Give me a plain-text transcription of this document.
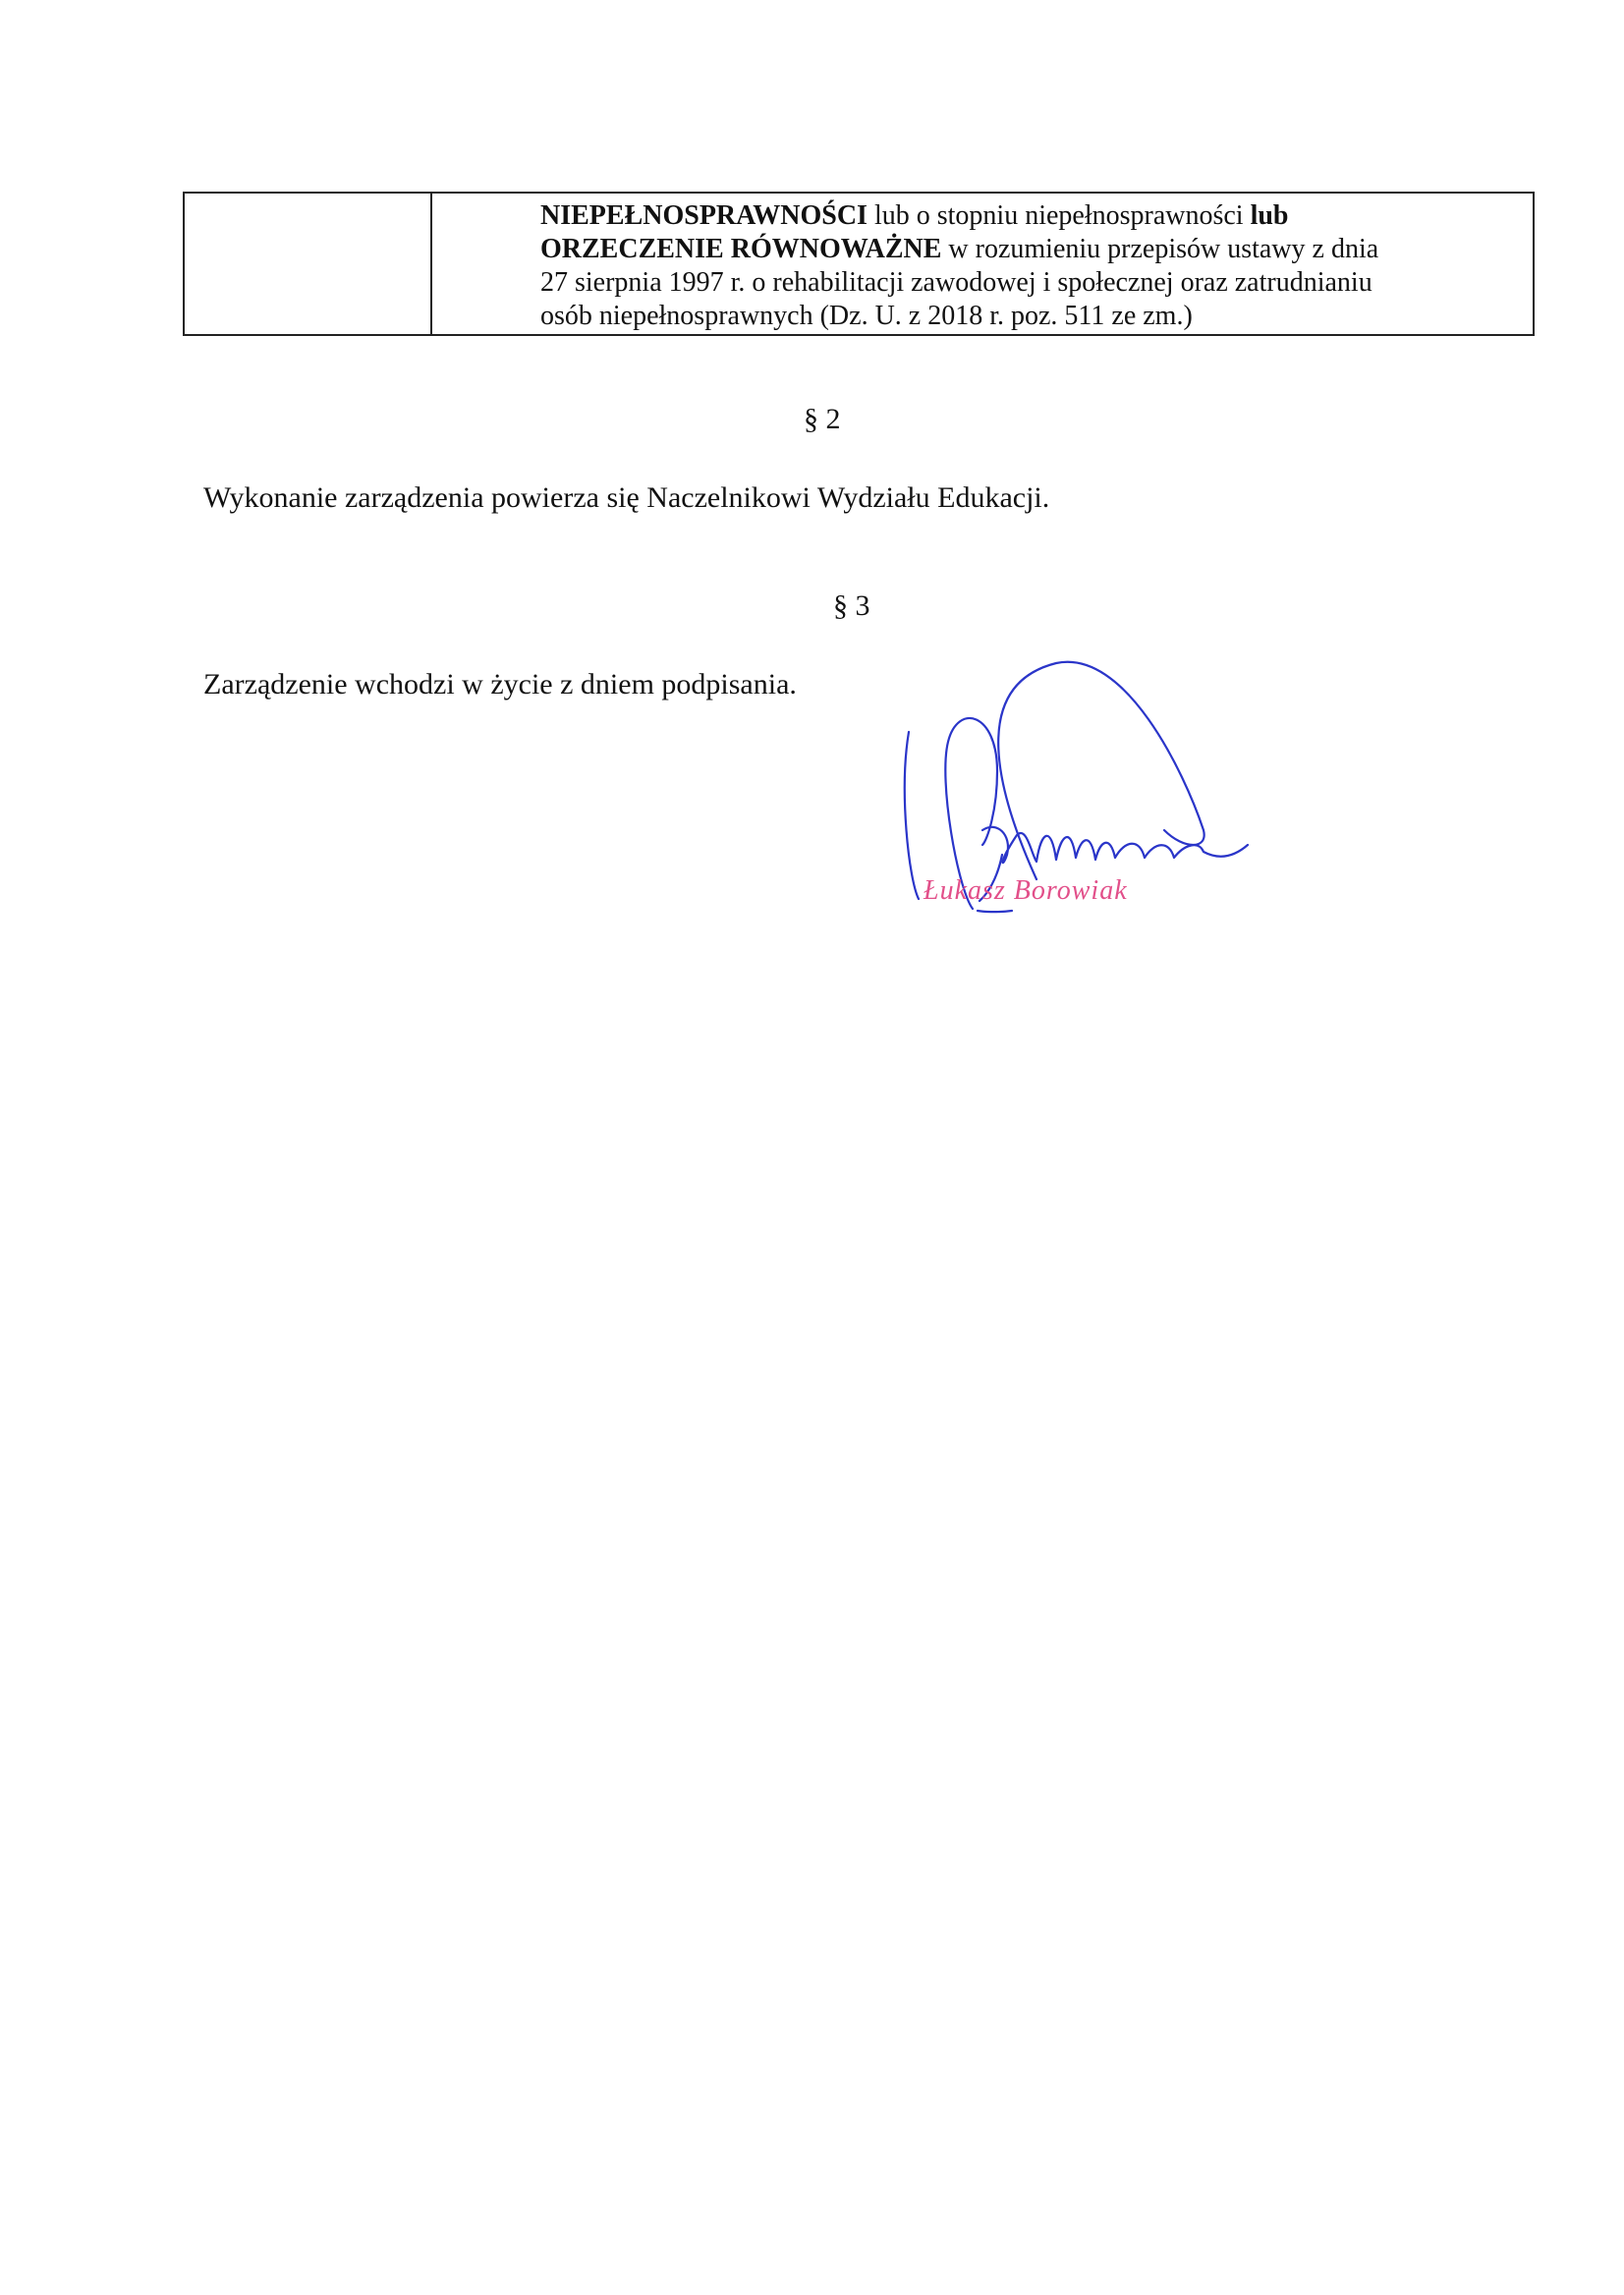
NIEPEŁNOSPRAWNOŚCI lub o stopniu niepełnosprawności lub
ORZECZENIE RÓWNOWAŻNE w rozumieniu przepisów ustawy z dnia
27 sierpnia 1997 r. o rehabilitacji zawodowej i społecznej oraz zatrudnianiu
osób niepełnosprawnych (Dz. U. z 2018 r. poz. 511 ze zm.)
§ 2
Wykonanie zarządzenia powierza się Naczelnikowi Wydziału Edukacji.
§ 3
Zarządzenie wchodzi w życie z dniem podpisania.
Łukasz Borowiak
